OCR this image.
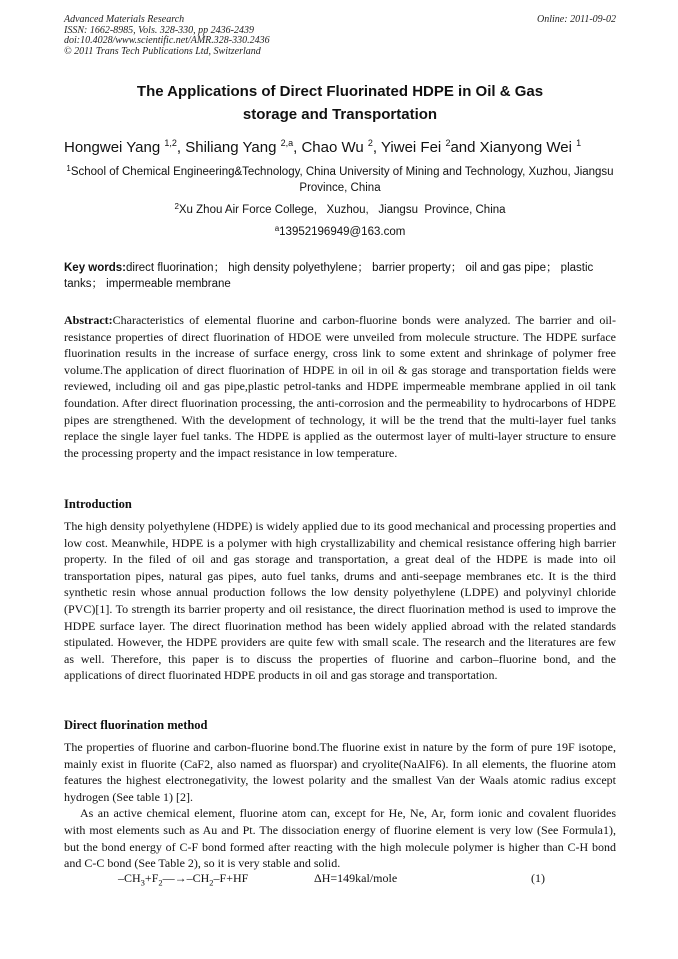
Advanced Materials Research
ISSN: 1662-8985, Vols. 328-330, pp 2436-2439
doi:10.4028/www.scientific.net/AMR.328-330.2436
© 2011 Trans Tech Publications Ltd, Switzerland
Online: 2011-09-02
The Applications of Direct Fluorinated HDPE in Oil & Gas
storage and Transportation
Hongwei Yang $^{1,2}$, Shiliang Yang $^{2,a}$, Chao Wu $^2$, Yiwei Fei $^2$and Xianyong Wei $^1$
$^1$School of Chemical Engineering&Technology, China University of Mining and Technology, Xuzhou, Jiangsu Province, China
$^2$Xu Zhou Air Force College,   Xuzhou,   Jiangsu  Province, China
$^a$13952196949@163.com
Key words:direct fluorination； high density polyethylene； barrier property； oil and gas pipe； plastic tanks； impermeable membrane

Abstract:Characteristics of elemental fluorine and carbon-fluorine bonds were analyzed. The barrier and oil-resistance properties of direct fluorination of HDOE were unveiled from molecule structure. The HDPE surface fluorination results in the increase of surface energy, cross link to some extent and shrinkage of polymer free volume.The application of direct fluorination of HDPE in oil in oil & gas storage and transportation fields were reviewed, including oil and gas pipe,plastic petrol-tanks and HDPE impermeable membrane applied in oil tank foundation. After direct fluorination processing, the anti-corrosion and the permeability to hydrocarbons of HDPE pipes are strengthened. With the development of technology, it will be the trend that the multi-layer fuel tanks replace the single layer fuel tanks. The HDPE is applied as the outermost layer of multi-layer structure to ensure the processing property and the impact resistance in low temperature.

Introduction

The high density polyethylene (HDPE) is widely applied due to its good mechanical and processing properties and low cost. Meanwhile, HDPE is a polymer with high crystallizability and chemical resistance offering high barrier property. In the filed of oil and gas storage and transportation, a great deal of the HDPE is made into oil transportation pipes, natural gas pipes, auto fuel tanks, drums and anti-seepage membranes etc. It is the third synthetic resin whose annual production follows the low density polyethylene (LDPE) and polyvinyl chloride (PVC)[1]. To strength its barrier property and oil resistance, the direct fluorination method is used to improve the HDPE surface layer. The direct fluorination method has been widely applied abroad with the related standards stipulated. However, the HDPE providers are quite few with small scale. The research and the literatures are few as well. Therefore, this paper is to discuss the properties of fluorine and carbon–fluorine bond, and the applications of direct fluorinated HDPE products in oil and gas storage and transportation.

Direct fluorination method

The properties of fluorine and carbon-fluorine bond.The fluorine exist in nature by the form of pure 19F isotope, mainly exist in fluorite (CaF2, also named as fluorspar) and cryolite(NaAlF6). In all elements, the fluorine atom features the highest electronegativity, the lowest polarity and the smallest Van der Waals atomic radius except hydrogen (See table 1) [2].

As an active chemical element, fluorine atom can, except for He, Ne, Ar, form ionic and covalent fluorides with most elements such as Au and Pt. The dissociation energy of fluorine element is very low (See Formula1), but the bond energy of C-F bond formed after reacting with the high molecule polymer is higher than C-H bond and C-C bond (See Table 2), so it is very stable and solid.

$-CH_3+F_2—\to-CH_2-F+HF$	ΔH=149kal/mole	(1)
